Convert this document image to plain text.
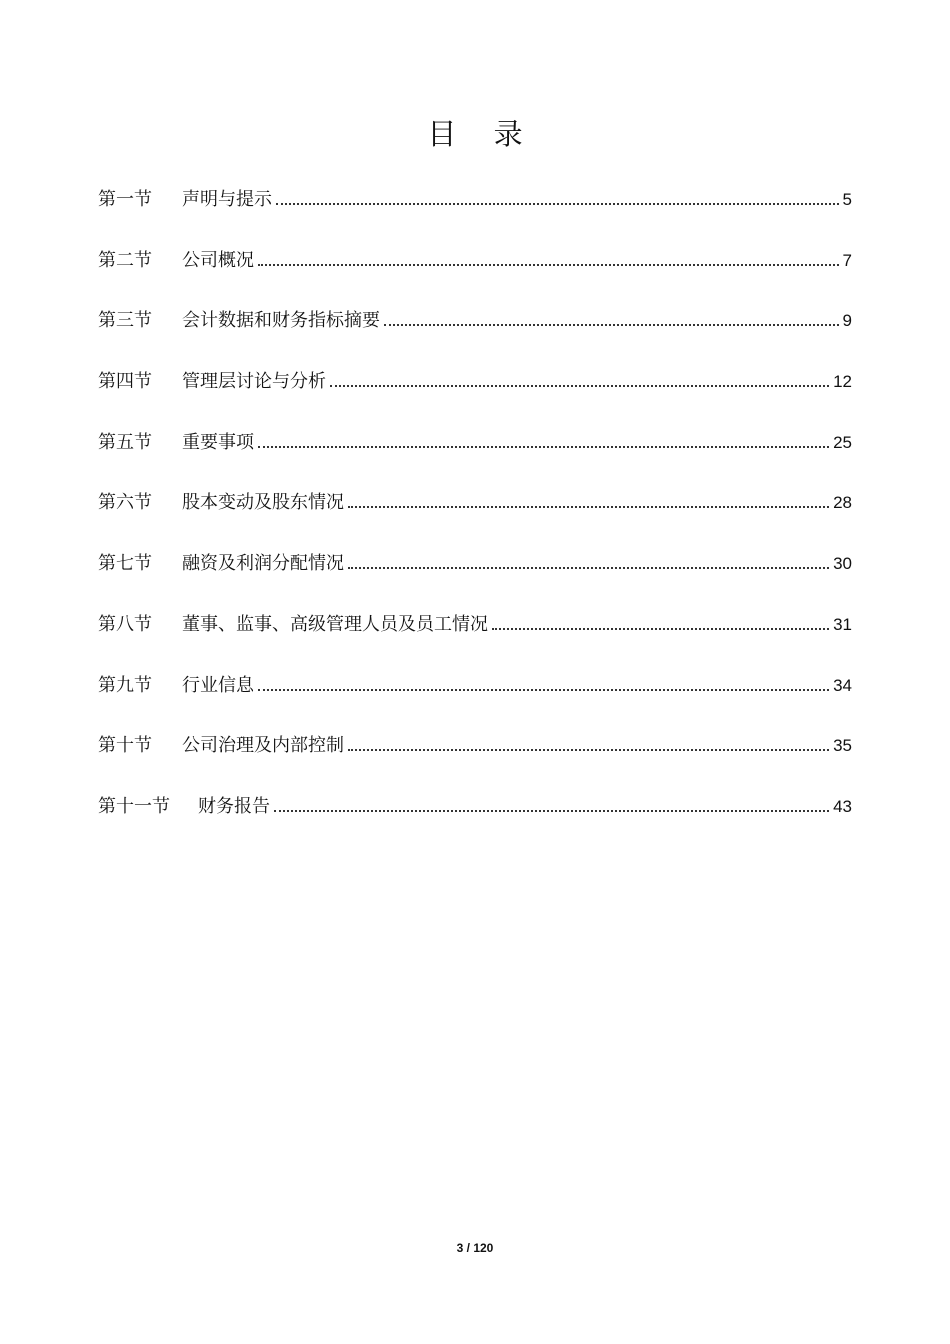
目 录
第一节	声明与提示	5
第二节	公司概况	7
第三节	会计数据和财务指标摘要	9
第四节	管理层讨论与分析	12
第五节	重要事项	25
第六节	股本变动及股东情况	28
第七节	融资及利润分配情况	30
第八节	董事、监事、高级管理人员及员工情况	31
第九节	行业信息	34
第十节	公司治理及内部控制	35
第十一节	财务报告	43
3 / 120
